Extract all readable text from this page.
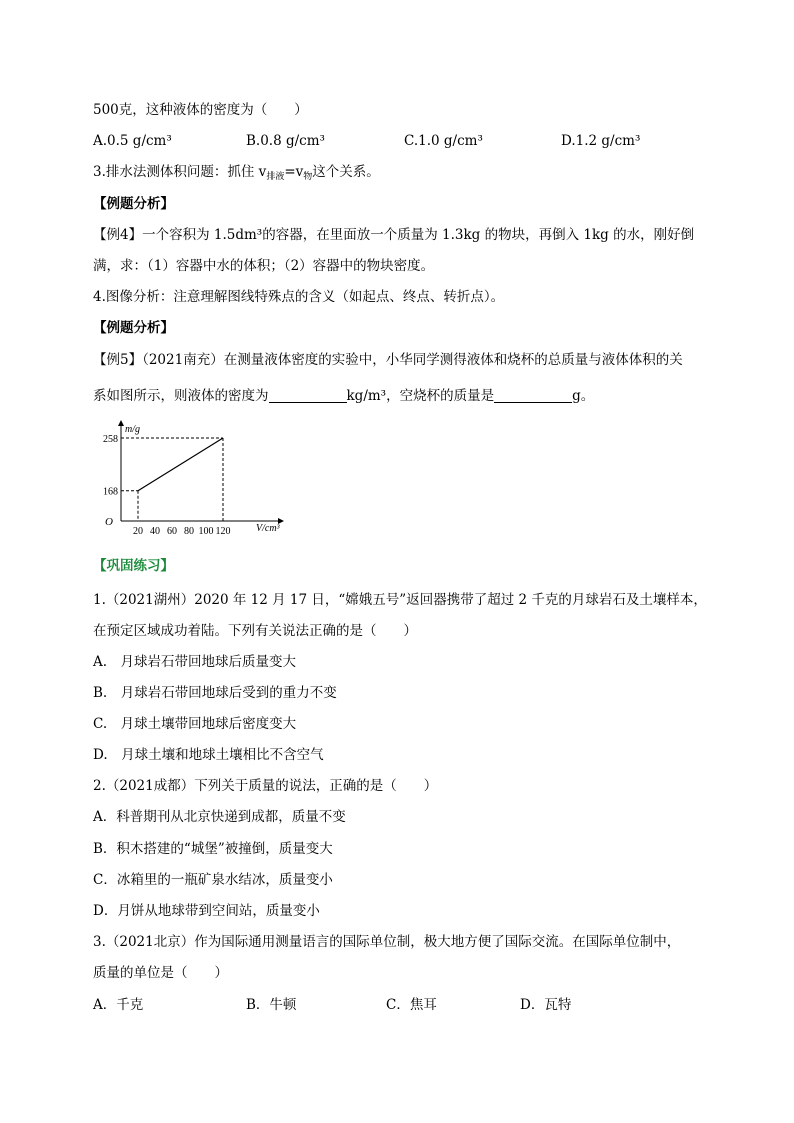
500克，这种液体的密度为（　　）
A.0.5 g/cm³	B.0.8 g/cm³	C.1.0 g/cm³	D.1.2 g/cm³
3.排水法测体积问题：抓住 $v_{排液}=v_物$这个关系。
【例题分析】
【例4】一个容积为 1.5dm³的容器，在里面放一个质量为 1.3kg 的物块，再倒入 1kg 的水，刚好倒
满，求：（1）容器中水的体积；（2）容器中的物块密度。
4.图像分析：注意理解图线特殊点的含义（如起点、终点、转折点）。
【例题分析】
【例5】（2021南充）在测量液体密度的实验中，小华同学测得液体和烧杯的总质量与液体体积的关
系如图所示，则液体的密度为	kg/m³，空烧杯的质量是	g。
m/g
V/cm³
O
20 40 60 80 100 120
168
258
【巩固练习】
1.（2021湖州）2020 年 12 月 17 日，“嫦娥五号”返回器携带了超过 2 千克的月球岩石及土壤样本，
在预定区域成功着陆。下列有关说法正确的是（　　）
A.　月球岩石带回地球后质量变大
B.　月球岩石带回地球后受到的重力不变
C.　月球土壤带回地球后密度变大
D.　月球土壤和地球土壤相比不含空气
2.（2021成都）下列关于质量的说法，正确的是（　　）
A．科普期刊从北京快递到成都，质量不变
B．积木搭建的“城堡”被撞倒，质量变大
C．冰箱里的一瓶矿泉水结冰，质量变小
D．月饼从地球带到空间站，质量变小
3.（2021北京）作为国际通用测量语言的国际单位制，极大地方便了国际交流。在国际单位制中，
质量的单位是（　　）
A．千克	B．牛顿	C．焦耳	D．瓦特
